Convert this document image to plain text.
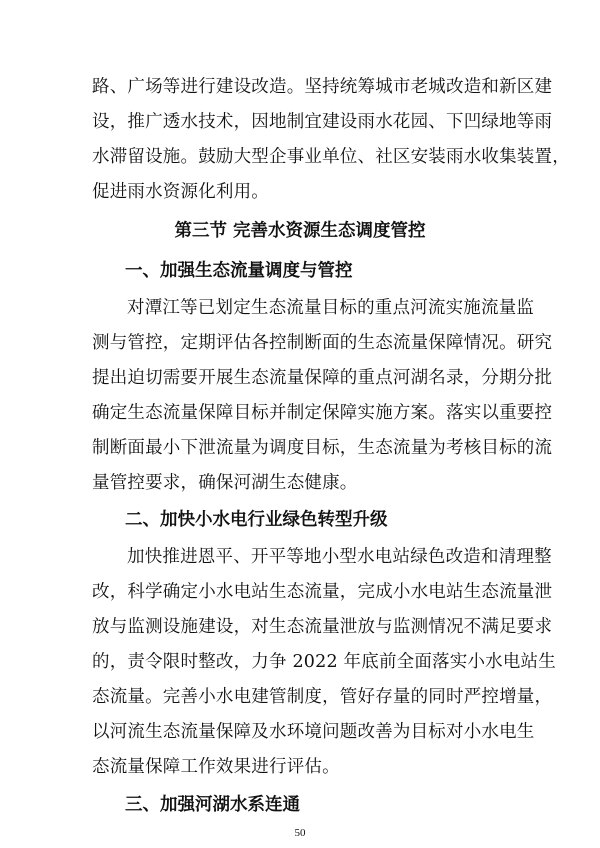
路、广场等进行建设改造。坚持统筹城市老城改造和新区建
设，推广透水技术，因地制宜建设雨水花园、下凹绿地等雨
水滞留设施。鼓励大型企事业单位、社区安装雨水收集装置，
促进雨水资源化利用。
第三节 完善水资源生态调度管控
一、加强生态流量调度与管控
对潭江等已划定生态流量目标的重点河流实施流量监
测与管控，定期评估各控制断面的生态流量保障情况。研究
提出迫切需要开展生态流量保障的重点河湖名录，分期分批
确定生态流量保障目标并制定保障实施方案。落实以重要控
制断面最小下泄流量为调度目标，生态流量为考核目标的流
量管控要求，确保河湖生态健康。
二、加快小水电行业绿色转型升级
加快推进恩平、开平等地小型水电站绿色改造和清理整
改，科学确定小水电站生态流量，完成小水电站生态流量泄
放与监测设施建设，对生态流量泄放与监测情况不满足要求
的，责令限时整改，力争 2022 年底前全面落实小水电站生
态流量。完善小水电建管制度，管好存量的同时严控增量，
以河流生态流量保障及水环境问题改善为目标对小水电生
态流量保障工作效果进行评估。
三、加强河湖水系连通
50
